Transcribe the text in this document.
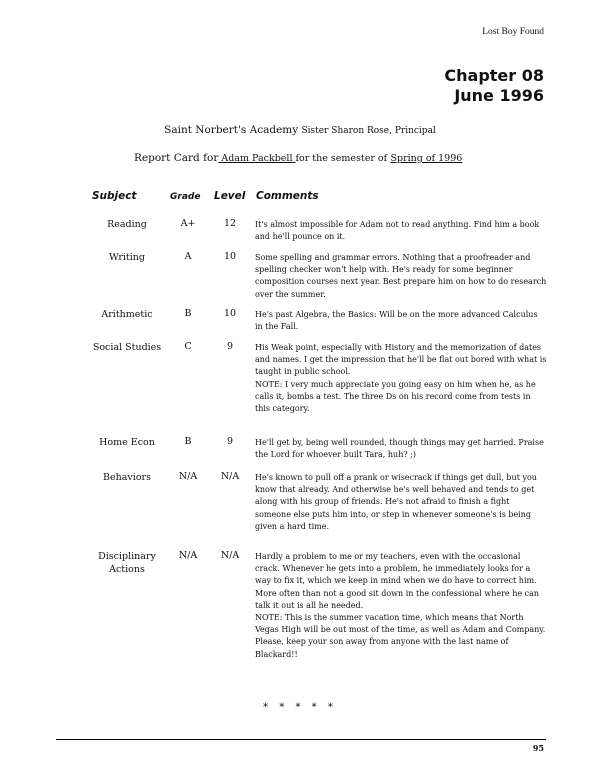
Lost Boy Found
Chapter 08
June 1996
Saint Norbert's Academy Sister Sharon Rose, Principal
Report Card for Adam Packbell for the semester of Spring of 1996
Subject	Grade Level Comments
Reading	A+	12	It's almost impossible for Adam not to read anything. Find him a book and he'll pounce on it.
Writing	A	10	Some spelling and grammar errors. Nothing that a proofreader and spelling checker won't help with. He's ready for some beginner composition courses next year. Best prepare him on how to do research over the summer.
Arithmetic	B	10	He's past Algebra, the Basics: Will be on the more advanced Calculus in the Fall.
Social Studies	C	9	His Weak point, especially with History and the memorization of dates and names. I get the impression that he'll be flat out bored with what is taught in public school.
NOTE: I very much appreciate you going easy on him when he, as he calls it, bombs a test. The three Ds on his record come from tests in this category.
Home Econ	B	9	He'll get by, being well rounded, though things may get harried. Praise the Lord for whoever built Tara, huh? ;)
Behaviors	N/A	N/A	He's known to pull off a prank or wisecrack if things get dull, but you know that already. And otherwise he's well behaved and tends to get along with his group of friends. He's not afraid to finish a fight someone else puts him into, or step in whenever someone's is being given a hard time.
Disciplinary
Actions
N/A	N/A	Hardly a problem to me or my teachers, even with the occasional crack. Whenever he gets into a problem, he immediately looks for a way to fix it, which we keep in mind when we do have to correct him. More often than not a good sit down in the confessional where he can talk it out is all he needed.
NOTE: This is the summer vacation time, which means that North Vegas High will be out most of the time, as well as Adam and Company. Please, keep your son away from anyone with the last name of Blackard!!
* * * * *
95
